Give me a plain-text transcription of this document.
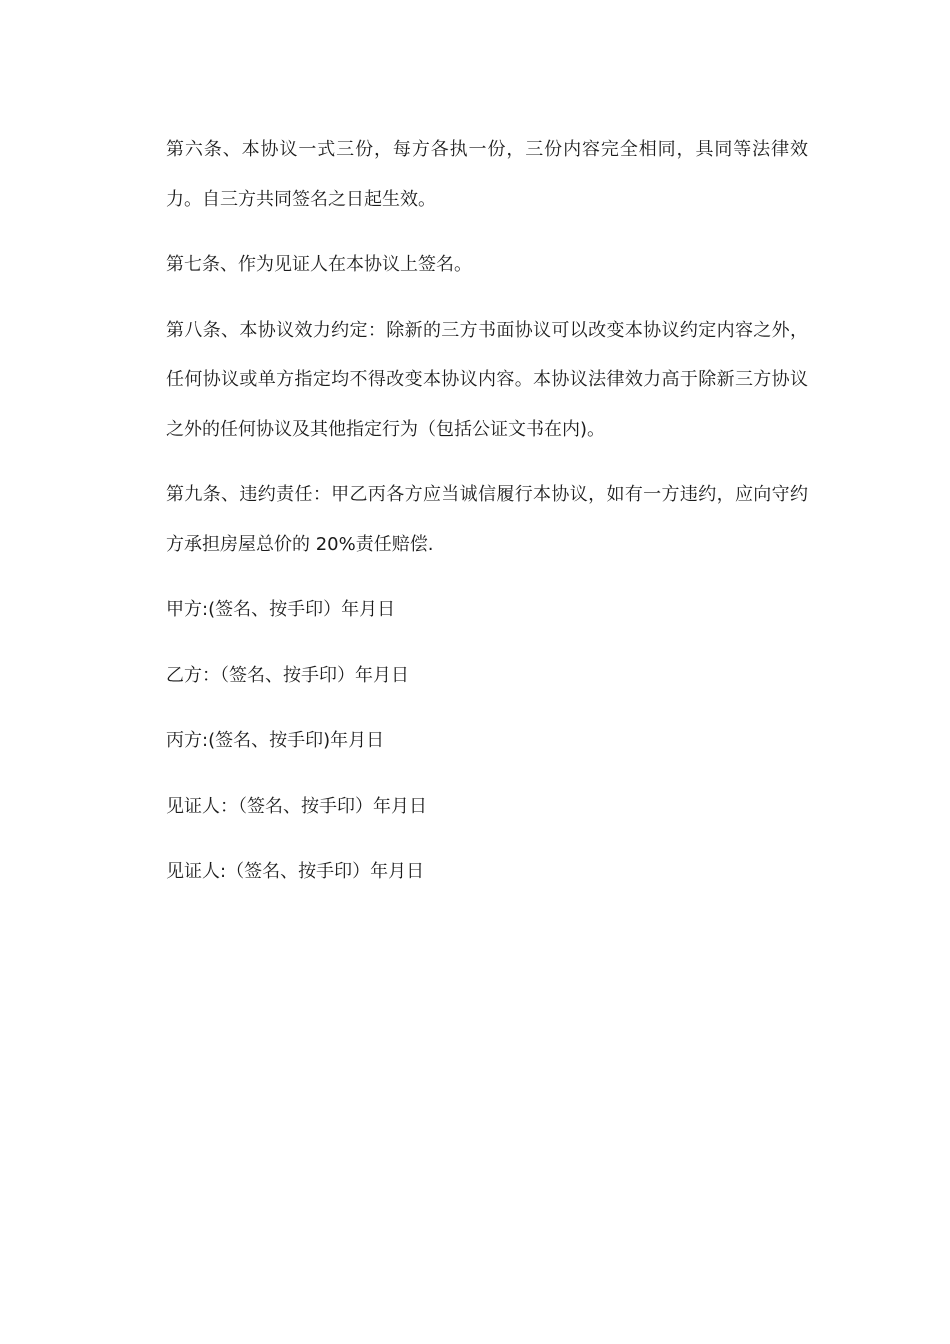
第六条、本协议一式三份，每方各执一份，三份内容完全相同，具同等法律效力。自三方共同签名之日起生效。

第七条、作为见证人在本协议上签名。

第八条、本协议效力约定：除新的三方书面协议可以改变本协议约定内容之外，任何协议或单方指定均不得改变本协议内容。本协议法律效力高于除新三方协议之外的任何协议及其他指定行为（包括公证文书在内)。

第九条、违约责任：甲乙丙各方应当诚信履行本协议，如有一方违约，应向守约方承担房屋总价的 20%责任赔偿.

甲方:(签名、按手印）年月日

乙方：（签名、按手印）年月日

丙方:(签名、按手印)年月日

见证人：（签名、按手印）年月日

见证人:（签名、按手印）年月日
